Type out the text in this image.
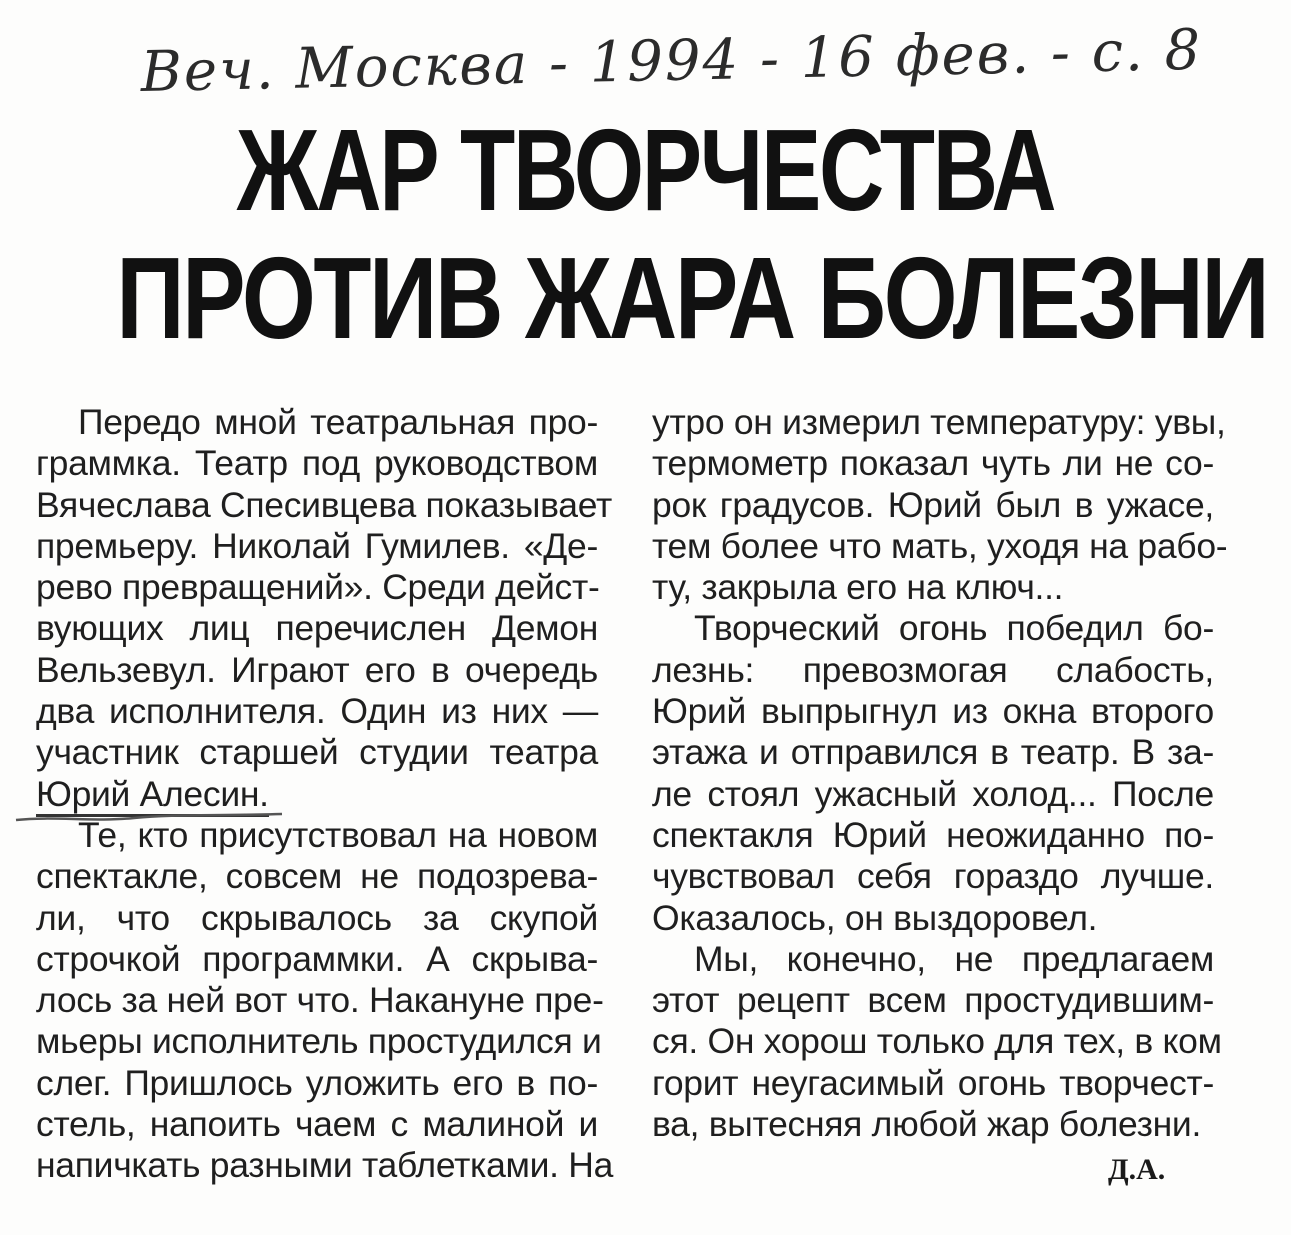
Веч. Москва - 1994 - 16 фев. - с. 8
ЖАР ТВОРЧЕСТВА
ПРОТИВ ЖАРА БОЛЕЗНИ
Передо мной театральная про-
граммка. Театр под руководством
Вячеслава Спесивцева показывает
премьеру. Николай Гумилев. «Де-
рево превращений». Среди дейст-
вующих лиц перечислен Демон
Вельзевул. Играют его в очередь
два исполнителя. Один из них —
участник старшей студии театра
Юрий Алесин.
Те, кто присутствовал на новом
спектакле, совсем не подозрева-
ли, что скрывалось за скупой
строчкой программки. А скрыва-
лось за ней вот что. Накануне пре-
мьеры исполнитель простудился и
слег. Пришлось уложить его в по-
стель, напоить чаем с малиной и
напичкать разными таблетками. На
утро он измерил температуру: увы,
термометр показал чуть ли не со-
рок градусов. Юрий был в ужасе,
тем более что мать, уходя на рабо-
ту, закрыла его на ключ...
Творческий огонь победил бо-
лезнь: превозмогая слабость,
Юрий выпрыгнул из окна второго
этажа и отправился в театр. В за-
ле стоял ужасный холод... После
спектакля Юрий неожиданно по-
чувствовал себя гораздо лучше.
Оказалось, он выздоровел.
Мы, конечно, не предлагаем
этот рецепт всем простудившим-
ся. Он хорош только для тех, в ком
горит неугасимый огонь творчест-
ва, вытесняя любой жар болезни.
Д.А.
